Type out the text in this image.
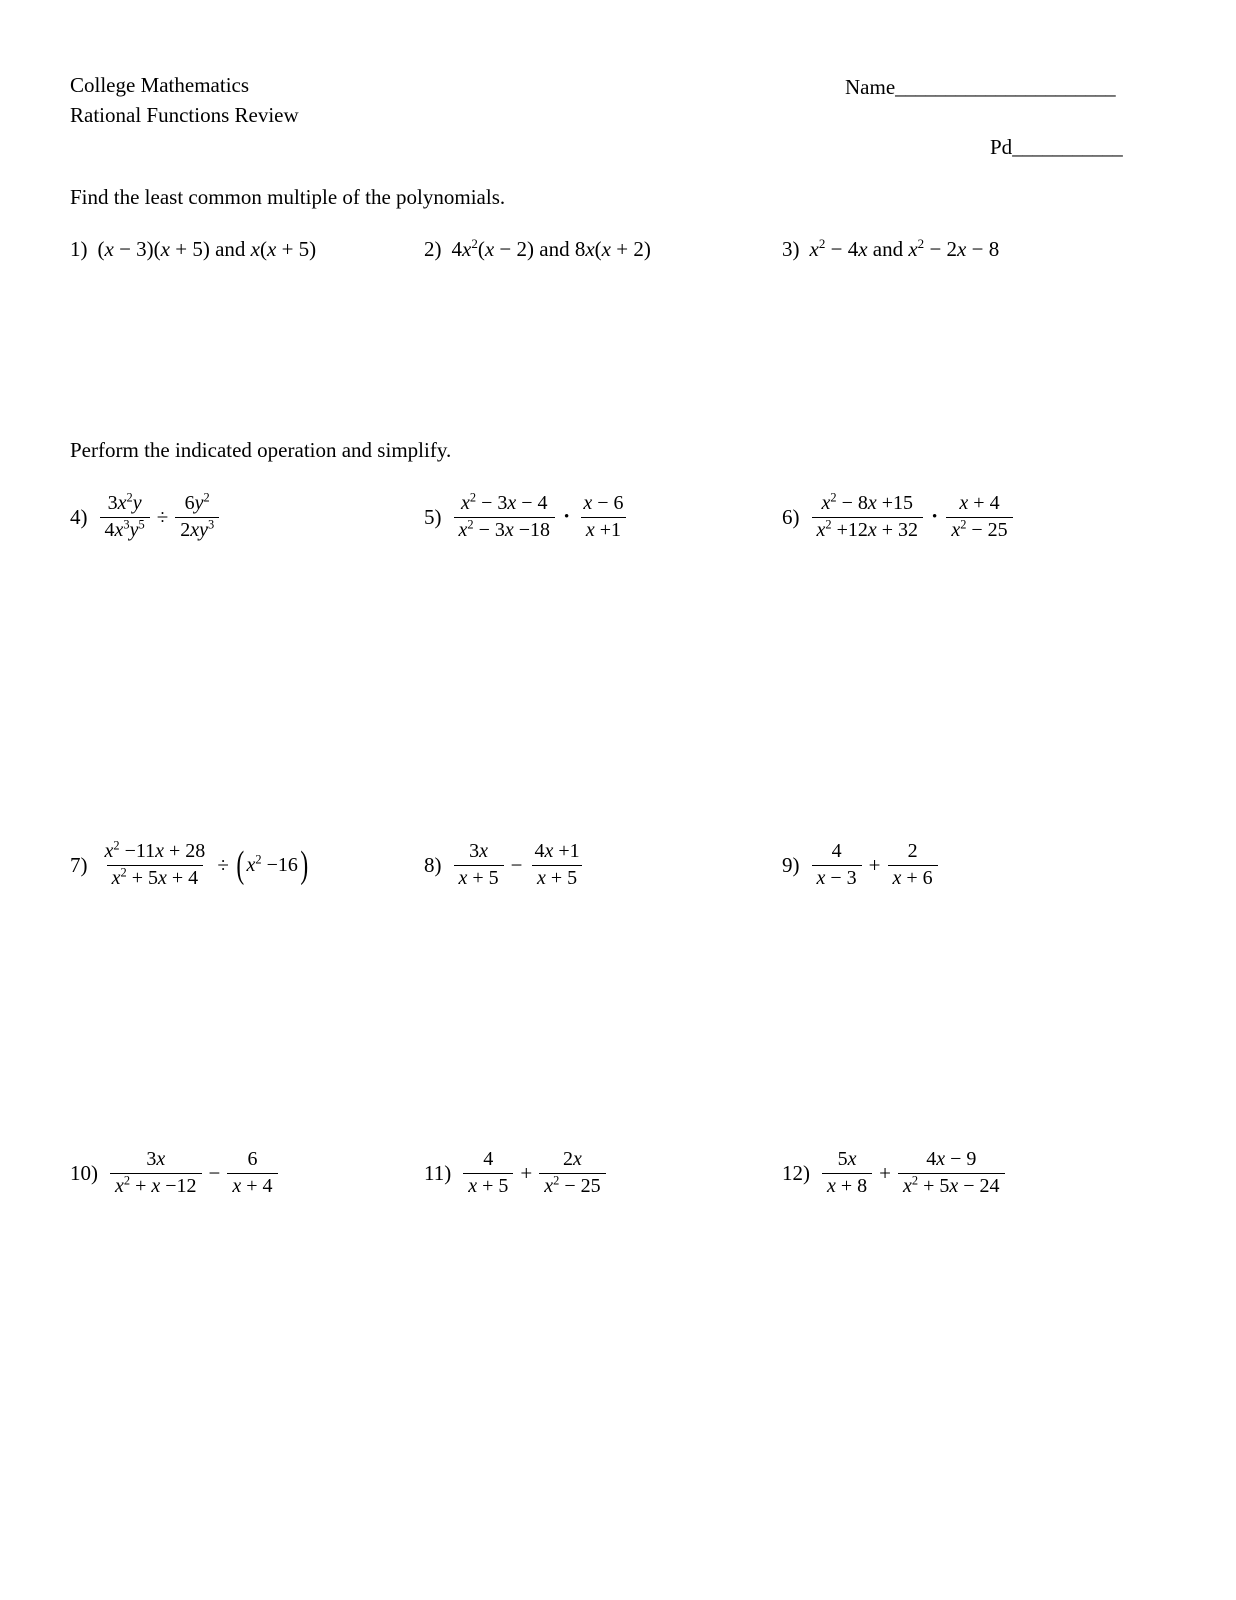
College Mathematics
Rational Functions Review
Name______________________
Pd___________
Find the least common multiple of the polynomials.
1) (x − 3)(x + 5) and x(x + 5)	2) $4x^2(x - 2)$ and 8x(x + 2)	3) $x^2 - 4x$ and $x^2 - 2x - 8$
Perform the indicated operation and simplify.
$4) \frac{3x^2y}{4x^3y^5} \div \frac{6y^2}{2xy^3}$	$5) \frac{x^2 - 3x - 4}{x^2 - 3x -18}$ • $\frac{x - 6}{x +1}$	$6) \frac{x^2 - 8x +15}{x^2 +12x + 32}$ • $\frac{x + 4}{x^2 - 25}$
$7) \frac{x^2 -11x + 28}{x^2 + 5x + 4}$ ÷ ( $x^2 -16$ )	$8) \frac{3x}{x + 5} - \frac{4x +1}{x + 5}$	$9) \frac{4}{x - 3} + \frac{2}{x + 6}$
$10) \frac{3x}{x^2 + x -12} - \frac{6}{x + 4}$	$11) \frac{4}{x + 5} + \frac{2x}{x^2 - 25}$	$12) \frac{5x}{x + 8} + \frac{4x - 9}{x^2 + 5x - 24}$
